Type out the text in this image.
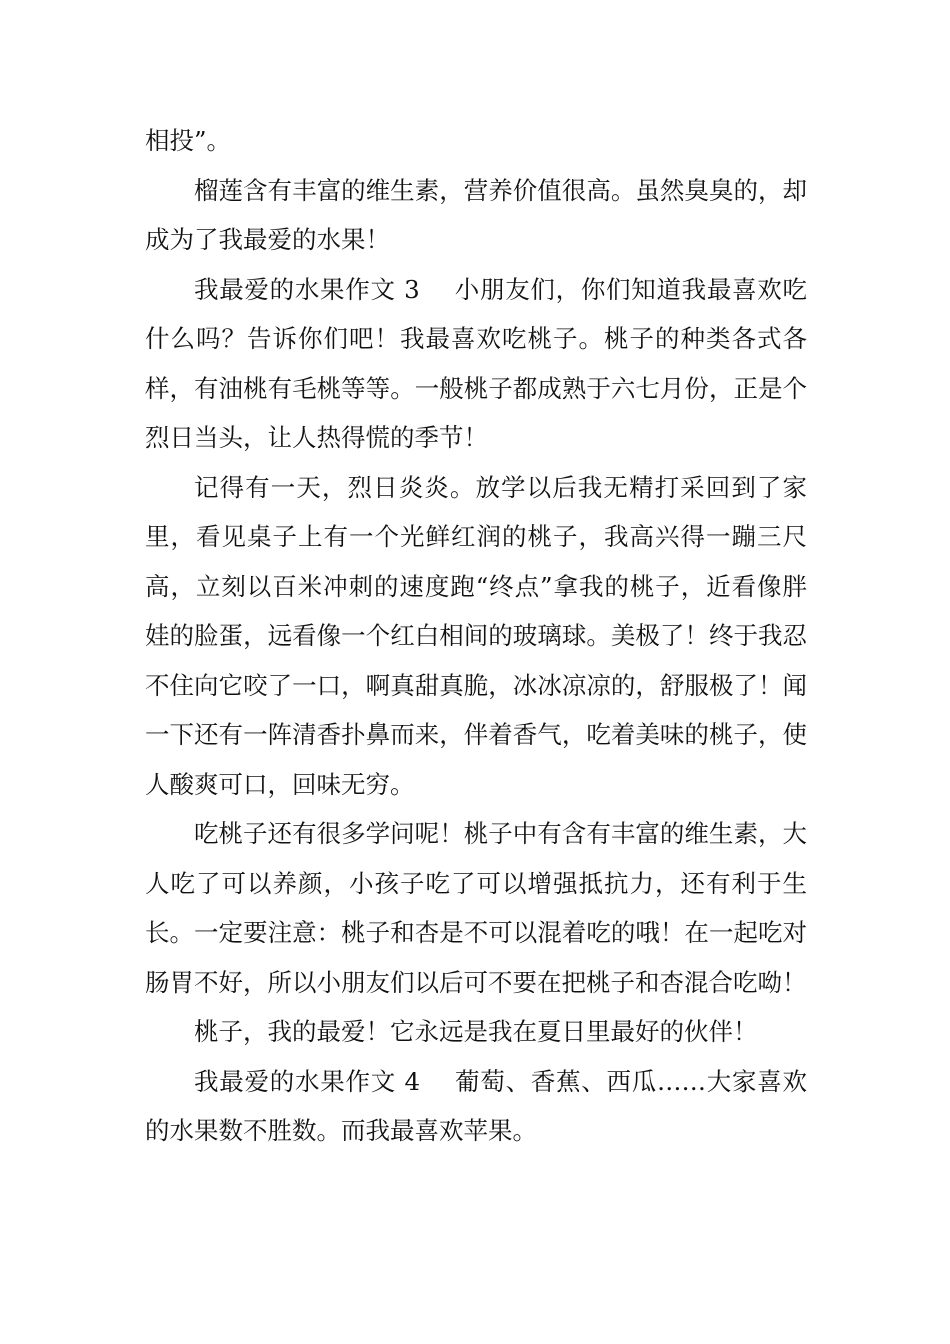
相投”。

榴莲含有丰富的维生素，营养价值很高。虽然臭臭的，却成为了我最爱的水果！

我最爱的水果作文 3 小朋友们，你们知道我最喜欢吃什么吗？告诉你们吧！我最喜欢吃桃子。桃子的种类各式各样，有油桃有毛桃等等。一般桃子都成熟于六七月份，正是个烈日当头，让人热得慌的季节！

记得有一天，烈日炎炎。放学以后我无精打采回到了家里，看见桌子上有一个光鲜红润的桃子，我高兴得一蹦三尺高，立刻以百米冲刺的速度跑“终点”拿我的桃子，近看像胖娃的脸蛋，远看像一个红白相间的玻璃球。美极了！终于我忍不住向它咬了一口，啊真甜真脆，冰冰凉凉的，舒服极了！闻一下还有一阵清香扑鼻而来，伴着香气，吃着美味的桃子，使人酸爽可口，回味无穷。

吃桃子还有很多学问呢！桃子中有含有丰富的维生素，大人吃了可以养颜，小孩子吃了可以增强抵抗力，还有利于生长。一定要注意：桃子和杏是不可以混着吃的哦！在一起吃对肠胃不好，所以小朋友们以后可不要在把桃子和杏混合吃呦！

桃子，我的最爱！它永远是我在夏日里最好的伙伴！

我最爱的水果作文 4 葡萄、香蕉、西瓜……大家喜欢的水果数不胜数。而我最喜欢苹果。
